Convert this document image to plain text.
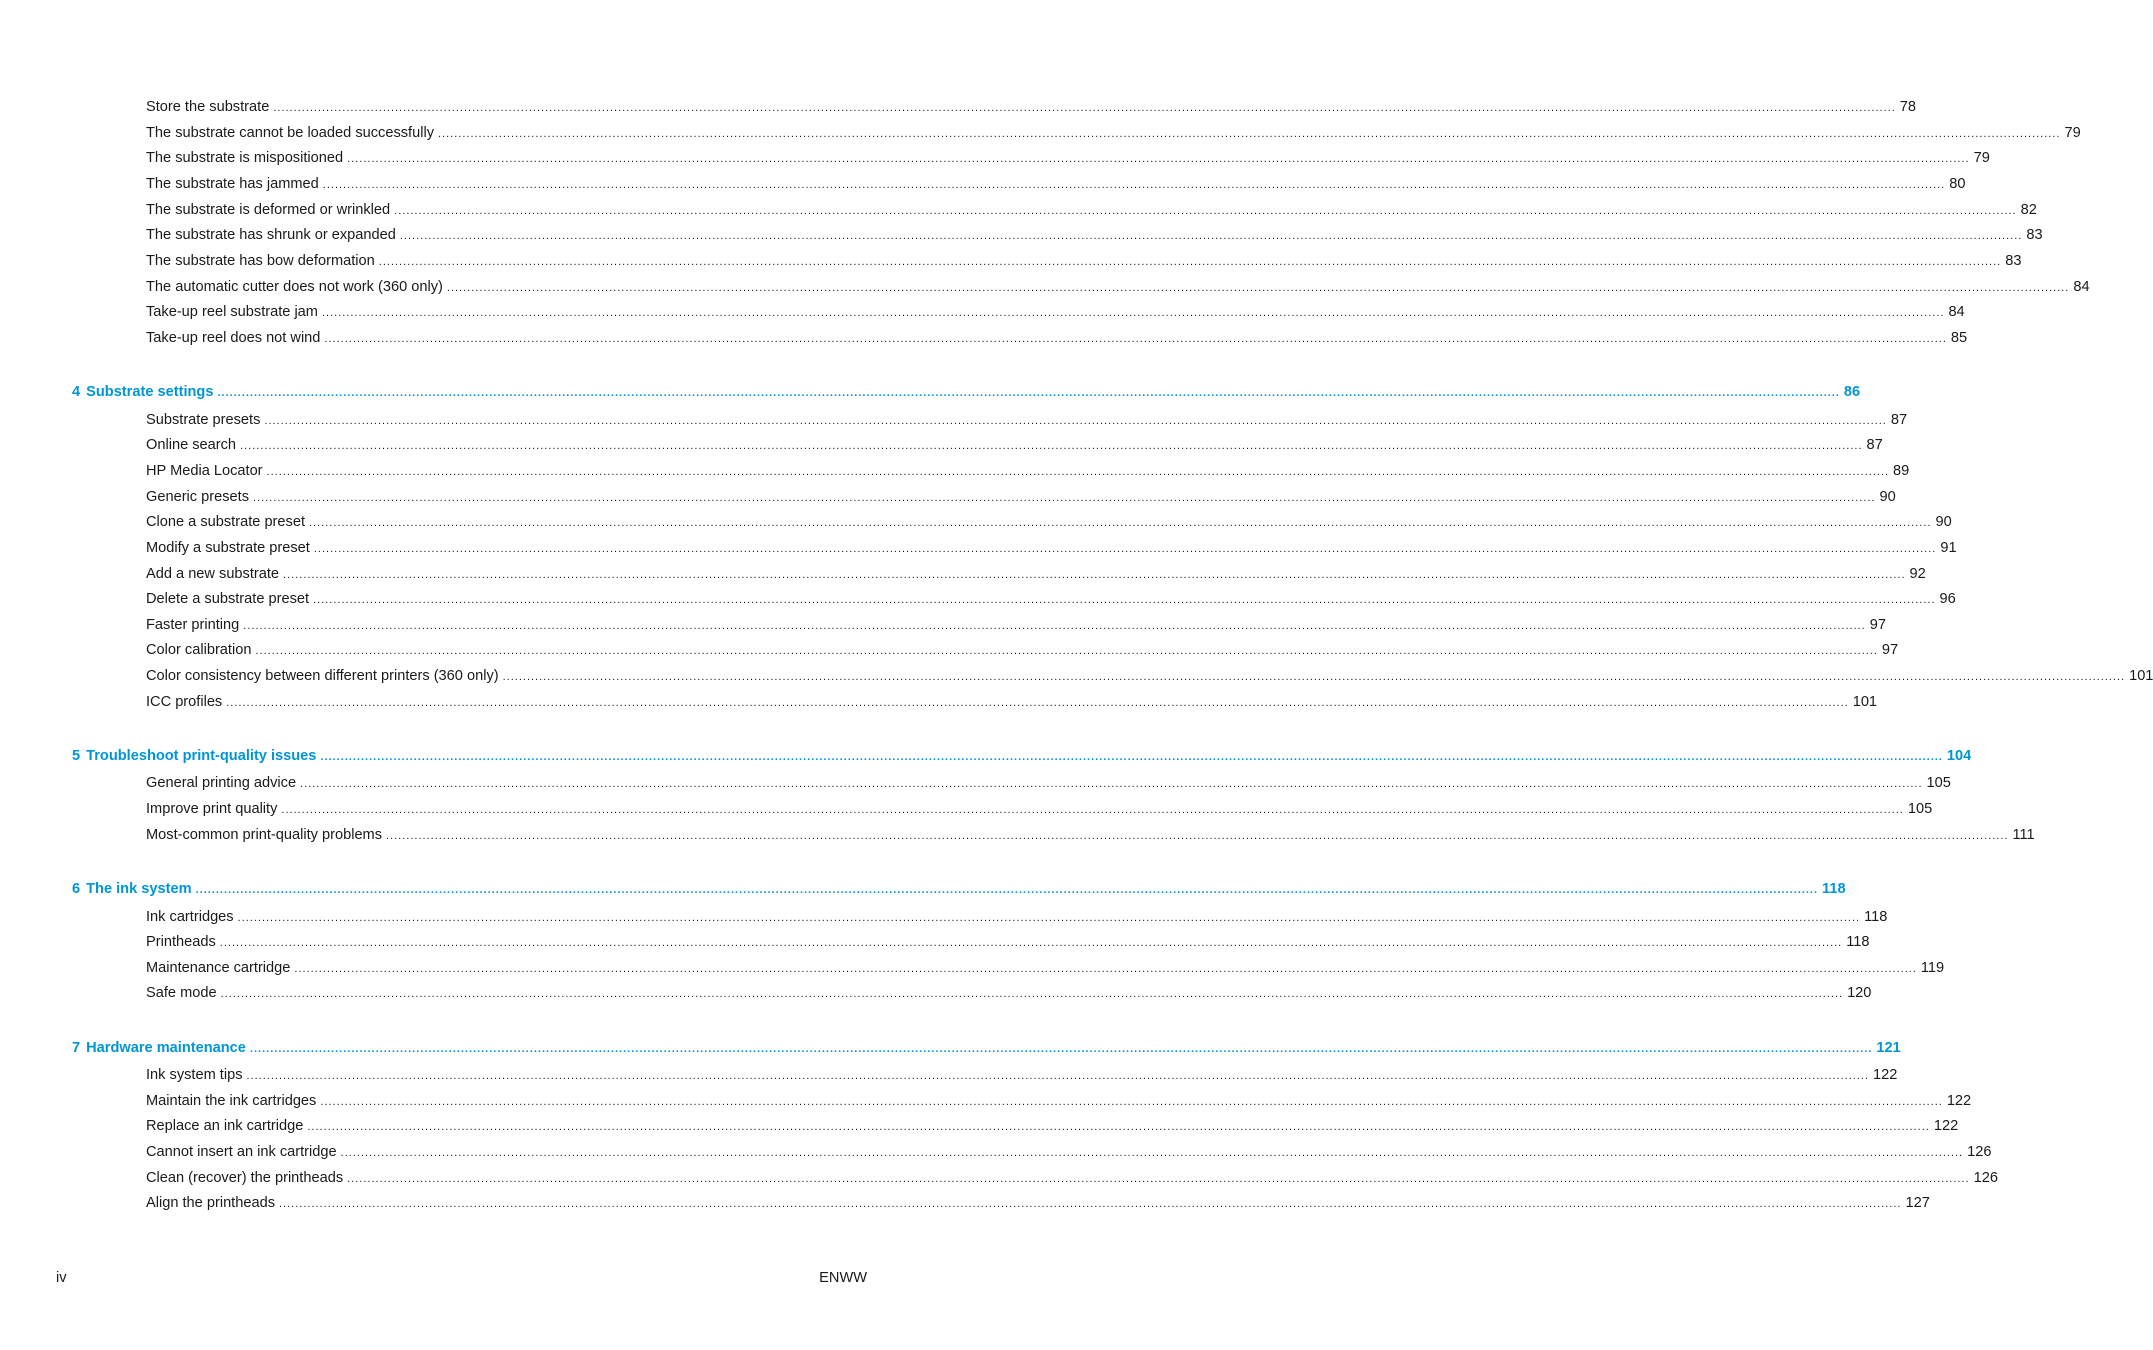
Store the substrate ................................................................................................................................................................................................................................................................................................................................................................................................................ 78
The substrate cannot be loaded successfully ................................................................................................................................................................................................................................................................................................................................................................................................................ 79
The substrate is mispositioned ................................................................................................................................................................................................................................................................................................................................................................................................................ 79
The substrate has jammed ................................................................................................................................................................................................................................................................................................................................................................................................................ 80
The substrate is deformed or wrinkled ................................................................................................................................................................................................................................................................................................................................................................................................................ 82
The substrate has shrunk or expanded ................................................................................................................................................................................................................................................................................................................................................................................................................ 83
The substrate has bow deformation ................................................................................................................................................................................................................................................................................................................................................................................................................ 83
The automatic cutter does not work (360 only) ................................................................................................................................................................................................................................................................................................................................................................................................................ 84
Take-up reel substrate jam ................................................................................................................................................................................................................................................................................................................................................................................................................ 84
Take-up reel does not wind ................................................................................................................................................................................................................................................................................................................................................................................................................ 85
4 Substrate settings ................................................................................................................................................................................................................................................................................................................................................................................................................ 86
Substrate presets ................................................................................................................................................................................................................................................................................................................................................................................................................ 87
Online search ................................................................................................................................................................................................................................................................................................................................................................................................................ 87
HP Media Locator ................................................................................................................................................................................................................................................................................................................................................................................................................ 89
Generic presets ................................................................................................................................................................................................................................................................................................................................................................................................................ 90
Clone a substrate preset ................................................................................................................................................................................................................................................................................................................................................................................................................ 90
Modify a substrate preset ................................................................................................................................................................................................................................................................................................................................................................................................................ 91
Add a new substrate ................................................................................................................................................................................................................................................................................................................................................................................................................ 92
Delete a substrate preset ................................................................................................................................................................................................................................................................................................................................................................................................................ 96
Faster printing ................................................................................................................................................................................................................................................................................................................................................................................................................ 97
Color calibration ................................................................................................................................................................................................................................................................................................................................................................................................................ 97
Color consistency between different printers (360 only) ................................................................................................................................................................................................................................................................................................................................................................................................................ 101
ICC profiles ................................................................................................................................................................................................................................................................................................................................................................................................................ 101
5 Troubleshoot print-quality issues ................................................................................................................................................................................................................................................................................................................................................................................................................ 104
General printing advice ................................................................................................................................................................................................................................................................................................................................................................................................................ 105
Improve print quality ................................................................................................................................................................................................................................................................................................................................................................................................................ 105
Most-common print-quality problems ................................................................................................................................................................................................................................................................................................................................................................................................................ 111
6 The ink system ................................................................................................................................................................................................................................................................................................................................................................................................................ 118
Ink cartridges ................................................................................................................................................................................................................................................................................................................................................................................................................ 118
Printheads ................................................................................................................................................................................................................................................................................................................................................................................................................ 118
Maintenance cartridge ................................................................................................................................................................................................................................................................................................................................................................................................................ 119
Safe mode ................................................................................................................................................................................................................................................................................................................................................................................................................ 120
7 Hardware maintenance ................................................................................................................................................................................................................................................................................................................................................................................................................ 121
Ink system tips ................................................................................................................................................................................................................................................................................................................................................................................................................ 122
Maintain the ink cartridges ................................................................................................................................................................................................................................................................................................................................................................................................................ 122
Replace an ink cartridge ................................................................................................................................................................................................................................................................................................................................................................................................................ 122
Cannot insert an ink cartridge ................................................................................................................................................................................................................................................................................................................................................................................................................ 126
Clean (recover) the printheads ................................................................................................................................................................................................................................................................................................................................................................................................................ 126
Align the printheads ................................................................................................................................................................................................................................................................................................................................................................................................................ 127
iv	ENWW
